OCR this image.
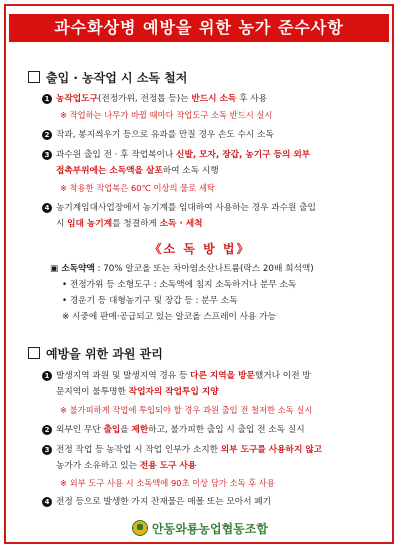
과수화상병 예방을 위한 농가 준수사항
출입 · 농작업 시 소독 철저
1 농작업도구(전정가위, 전정톱 등)는 반드시 소독 후 사용
※ 작업하는 나무가 바뀔 때마다 작업도구 소독 반드시 실시
2 작과, 봉지씌우기 등으로 유과를 만질 경우 손도 수시 소독
3 과수원 출입 전 · 후 작업복이나 신발, 모자, 장갑, 농기구 등의 외부
접촉부위에는 소독액을 살포하여 소독 시행
※ 착용한 작업복은 60℃ 이상의 물로 세탁
4 농기계임대사업장에서 농기계를 임대하여 사용하는 경우 과수원 출입
시 임대 농기계를 청결하게 소독 · 세척
《소 독 방 법》
▣ 소독약액 : 70% 알코올 또는 차아염소산나트륨(락스 20배 희석액)
• 전정가위 등 소형도구 : 소독액에 침지 소독하거나 분무 소독
• 경운기 등 대형농기구 및 장갑 등 : 분무 소독
※ 시중에 판매·공급되고 있는 알코올 스프레이 사용 가능
예방을 위한 과원 관리
1 발생지역 과원 및 발생지역 경유 등 다른 지역을 방문했거나 이전 방
문지역이 불투명한 작업자의 작업투입 지양
※ 불가피하게 작업에 투입되야 할 경우 과원 출입 전 철저한 소독 실시
2 외부인 무단 출입을 제한하고, 불가피한 출입 시 출입 전 소독 실시
3 전정 작업 등 농작업 시 작업 인부가 소지한 외부 도구를 사용하지 않고
농가가 소유하고 있는 전용 도구 사용
※ 외부 도구 사용 시 소독액에 90초 이상 담가 소독 후 사용
4 전정 등으로 발생한 가지 잔재물은 매몰 또는 모아서 폐기
안동와룡농업협동조합
